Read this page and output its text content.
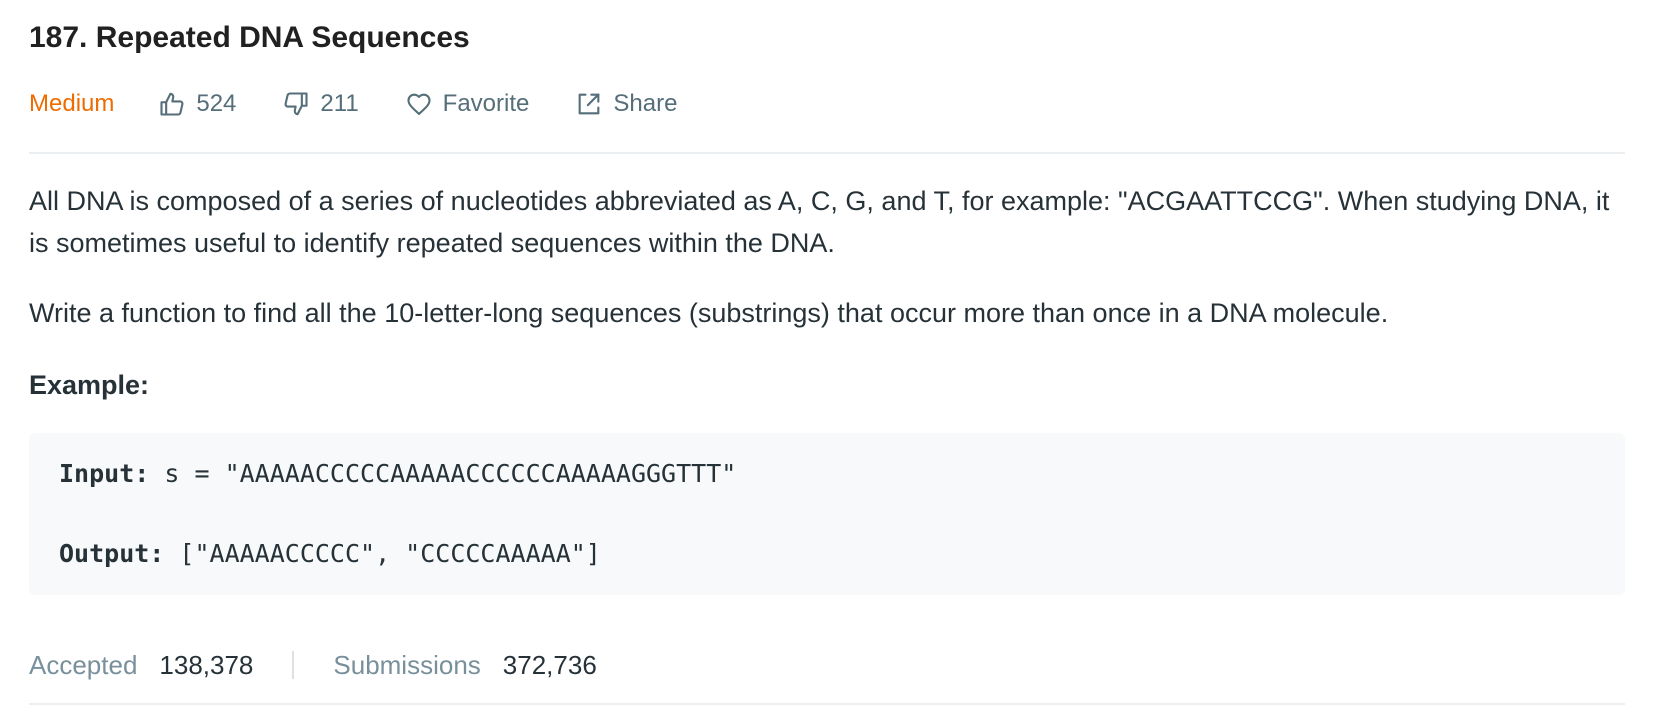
187. Repeated DNA Sequences
Medium	524	211	Favorite	Share

All DNA is composed of a series of nucleotides abbreviated as A, C, G, and T, for example: "ACGAATTCCG". When studying DNA, it is sometimes useful to identify repeated sequences within the DNA.

Write a function to find all the 10-letter-long sequences (substrings) that occur more than once in a DNA molecule.

Example:

Input: s = "AAAAACCCCCAAAAACCCCCCAAAAAGGGTTT"
Output: ["AAAAACCCCC", "CCCCCAAAAA"]
Accepted 138,378	Submissions 372,736
